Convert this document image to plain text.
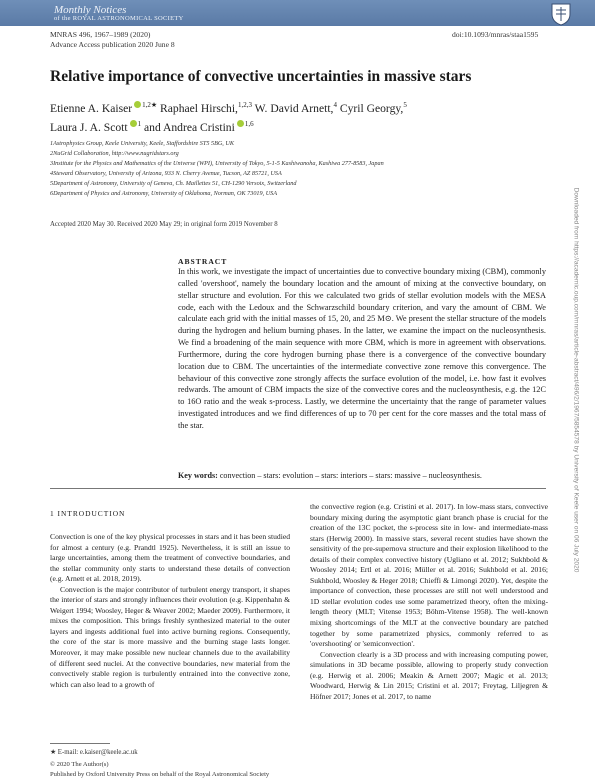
Monthly Notices
of the ROYAL ASTRONOMICAL SOCIETY
MNRAS 496, 1967–1989 (2020)
Advance Access publication 2020 June 8
doi:10.1093/mnras/staa1595
Relative importance of convective uncertainties in massive stars
Etienne A. Kaiser $^{1,2★}$ Raphael Hirschi,$^{1,2,3}$ W. David Arnett,$^4$ Cyril Georgy,$^5$
Laura J. A. Scott $^1$ and Andrea Cristini $^{1,6}$
1Astrophysics Group, Keele University, Keele, Staffordshire ST5 5BG, UK
2NuGrid Collaboration, http://www.nugridstars.org
3Institute for the Physics and Mathematics of the Universe (WPI), University of Tokyo, 5-1-5 Kashiwanoha, Kashiwa 277-8583, Japan
4Steward Observatory, University of Arizona, 933 N. Cherry Avenue, Tucson, AZ 85721, USA
5Department of Astronomy, University of Geneva, Ch. Maillettes 51, CH-1290 Versoix, Switzerland
6Department of Physics and Astronomy, University of Oklahoma, Norman, OK 73019, USA
Accepted 2020 May 30. Received 2020 May 29; in original form 2019 November 8
ABSTRACT
In this work, we investigate the impact of uncertainties due to convective boundary mixing (CBM), commonly called 'overshoot', namely the boundary location and the amount of mixing at the convective boundary, on stellar structure and evolution. For this we calculated two grids of stellar evolution models with the MESA code, each with the Ledoux and the Schwarzschild boundary criterion, and vary the amount of CBM. We calculate each grid with the initial masses of 15, 20, and 25 M⊙. We present the stellar structure of the models during the hydrogen and helium burning phases. In the latter, we examine the impact on the nucleosynthesis. We find a broadening of the main sequence with more CBM, which is more in agreement with observations. Furthermore, during the core hydrogen burning phase there is a convergence of the convective boundary location due to CBM. The uncertainties of the intermediate convective zone remove this convergence. The behaviour of this convective zone strongly affects the surface evolution of the model, i.e. how fast it evolves redwards. The amount of CBM impacts the size of the convective cores and the nucleosynthesis, e.g. the 12C to 16O ratio and the weak s-process. Lastly, we determine the uncertainty that the range of parameter values investigated introduces and we find differences of up to 70 per cent for the core masses and the total mass of the star.
Key words: convection – stars: evolution – stars: interiors – stars: massive – nucleosynthesis.
1 INTRODUCTION

Convection is one of the key physical processes in stars and it has been studied for almost a century (e.g. Prandtl 1925). Nevertheless, it is still an issue to large uncertainties, among them the treatment of convective boundaries, and the stellar community only starts to understand these details of convection (e.g. Arnett et al. 2018, 2019).

Convection is the major contributor of turbulent energy transport, it shapes the interior of stars and strongly influences their evolution (e.g. Kippenhahn & Weigert 1994; Woosley, Heger & Weaver 2002; Maeder 2009). Furthermore, it mixes the composition. This brings freshly synthesized material to the outer layers and ingests additional fuel into active burning regions. Consequently, the core of the star is more massive and the burning stage lasts longer. Moreover, it may make possible new nuclear channels due to the availability of different seed nuclei. At the convective boundaries, new material from the convectively stable region is turbulently entrained into the convective zone, which can also lead to a growth of

the convective region (e.g. Cristini et al. 2017). In low-mass stars, convective boundary mixing during the asymptotic giant branch phase is crucial for the creation of the 13C pocket, the s-process site in low- and intermediate-mass stars (Herwig 2000). In massive stars, several recent studies have shown the sensitivity of the pre-supernova structure and their explosion likelihood to the details of their complex convective history (Ugliano et al. 2012; Sukhbold & Woosley 2014; Ertl et al. 2016; Müller et al. 2016; Sukhbold et al. 2016; Sukhbold, Woosley & Heger 2018; Chieffi & Limongi 2020). Yet, despite the importance of convection, these processes are still not well understood and 1D stellar evolution codes use some parametrized theory, often the mixing-length theory (MLT; Vitense 1953; Böhm-Vitense 1958). The well-known mixing shortcomings of the MLT at the convective boundary are patched together by some parametrized physics, commonly referred to as 'overshooting' or 'semiconvection'.

Convection clearly is a 3D process and with increasing computing power, simulations in 3D became possible, allowing to properly study convection (e.g. Herwig et al. 2006; Meakin & Arnett 2007; Magic et al. 2013; Woodward, Herwig & Lin 2015; Cristini et al. 2017; Freytag, Liljegren & Höfner 2017; Jones et al. 2017, to name

★ E-mail: e.kaiser@keele.ac.uk
© 2020 The Author(s)
Published by Oxford University Press on behalf of the Royal Astronomical Society
Downloaded from https://academic.oup.com/mnras/article-abstract/496/2/1967/5854578 by University of Keele user on 06 July 2020
